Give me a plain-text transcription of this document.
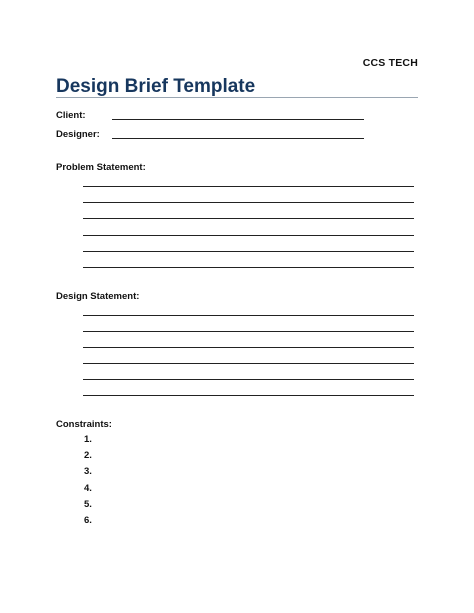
CCS TECH
Design Brief Template
Client:
Designer:
Problem Statement:
Design Statement:
Constraints:
1.
2.
3.
4.
5.
6.
